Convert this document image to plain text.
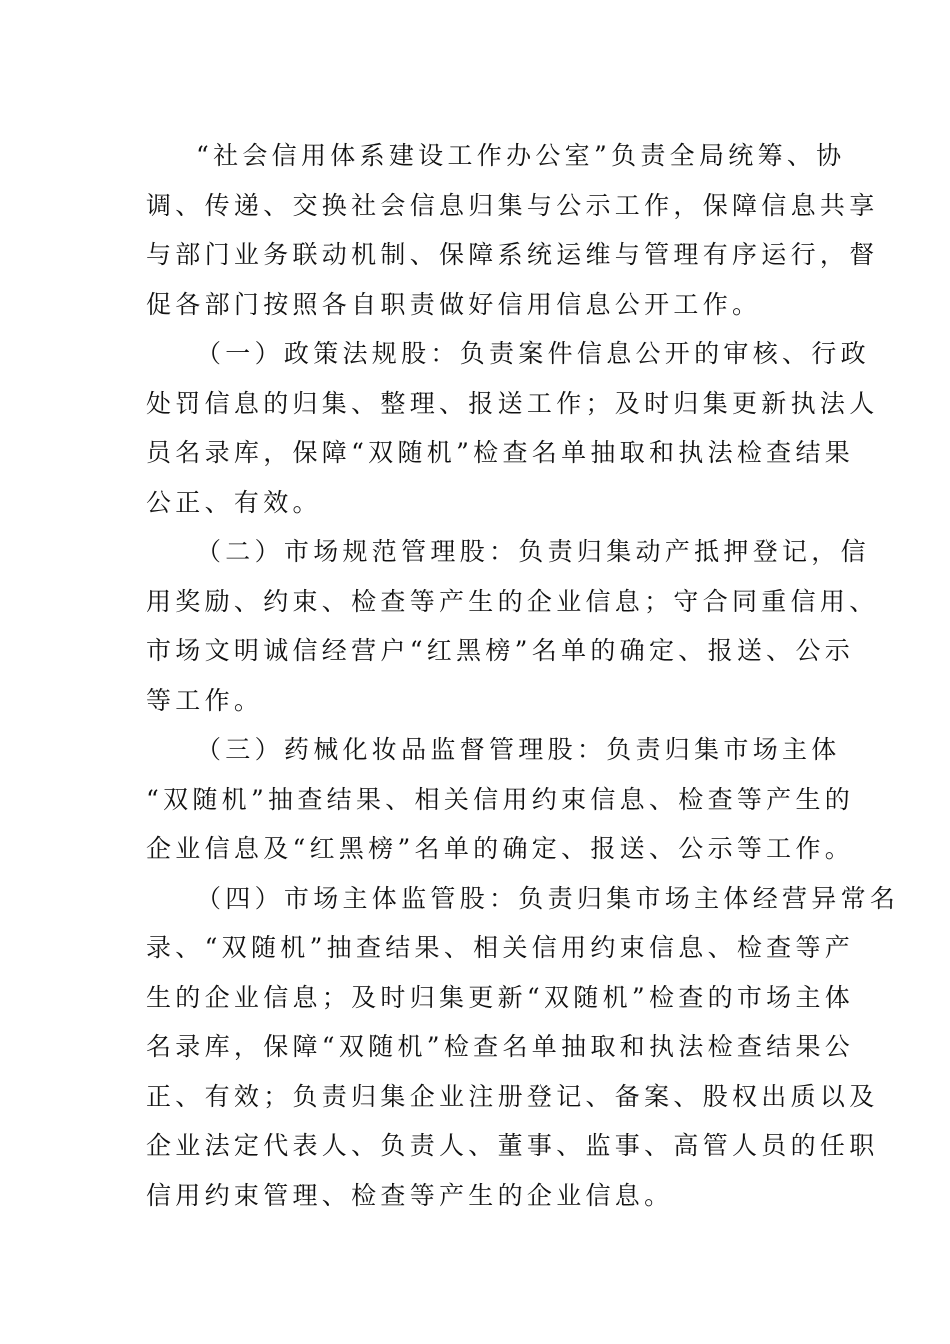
“社会信用体系建设工作办公室”负责全局统筹、协
调、传递、交换社会信息归集与公示工作，保障信息共享
与部门业务联动机制、保障系统运维与管理有序运行，督
促各部门按照各自职责做好信用信息公开工作。

（一）政策法规股：负责案件信息公开的审核、行政
处罚信息的归集、整理、报送工作；及时归集更新执法人
员名录库，保障“双随机”检查名单抽取和执法检查结果
公正、有效。

（二）市场规范管理股：负责归集动产抵押登记，信
用奖励、约束、检查等产生的企业信息；守合同重信用、
市场文明诚信经营户“红黑榜”名单的确定、报送、公示
等工作。

（三）药械化妆品监督管理股：负责归集市场主体
“双随机”抽查结果、相关信用约束信息、检查等产生的
企业信息及“红黑榜”名单的确定、报送、公示等工作。

（四）市场主体监管股：负责归集市场主体经营异常名
录、“双随机”抽查结果、相关信用约束信息、检查等产
生的企业信息；及时归集更新“双随机”检查的市场主体
名录库，保障“双随机”检查名单抽取和执法检查结果公
正、有效；负责归集企业注册登记、备案、股权出质以及
企业法定代表人、负责人、董事、监事、高管人员的任职
信用约束管理、检查等产生的企业信息。
